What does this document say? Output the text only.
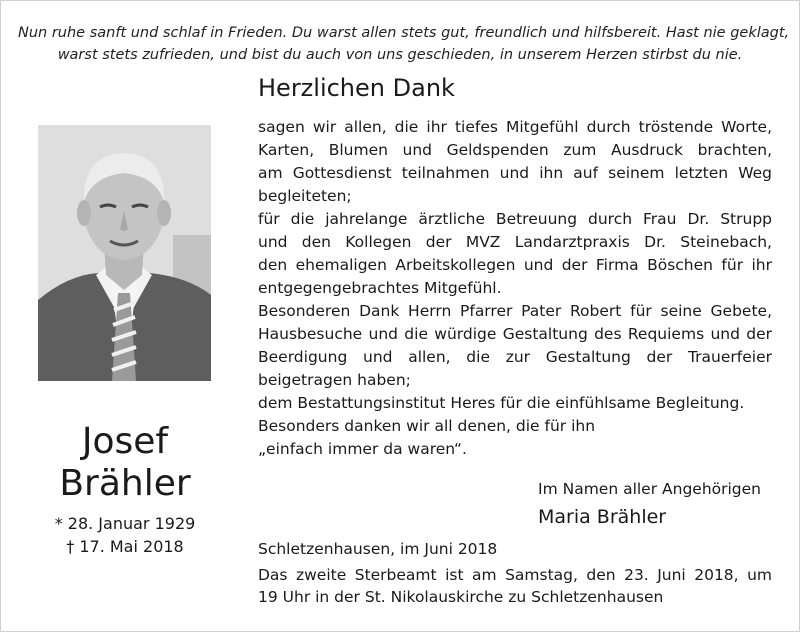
Nun ruhe sanft und schlaf in Frieden. Du warst allen stets gut, freundlich und hilfsbereit. Hast nie geklagt,
warst stets zufrieden, und bist du auch von uns geschieden, in unserem Herzen stirbst du nie.
Herzlichen Dank
Josef
Brähler
* 28. Januar 1929
† 17. Mai 2018
sagen wir allen, die ihr tiefes Mitgefühl durch tröstende Worte,
Karten, Blumen und Geldspenden zum Ausdruck brachten,
am Gottesdienst teilnahmen und ihn auf seinem letzten Weg
begleiteten;
für die jahrelange ärztliche Betreuung durch Frau Dr. Strupp
und den Kollegen der MVZ Landarztpraxis Dr. Steinebach,
den ehemaligen Arbeitskollegen und der Firma Böschen für ihr
entgegengebrachtes Mitgefühl.
Besonderen Dank Herrn Pfarrer Pater Robert für seine Gebete,
Hausbesuche und die würdige Gestaltung des Requiems und der
Beerdigung und allen, die zur Gestaltung der Trauerfeier
beigetragen haben;
dem Bestattungsinstitut Heres für die einfühlsame Begleitung.
Besonders danken wir all denen, die für ihn
„einfach immer da waren“.
Im Namen aller Angehörigen
Maria Brähler
Schletzenhausen, im Juni 2018
Das zweite Sterbeamt ist am Samstag, den 23. Juni 2018, um
19 Uhr in der St. Nikolauskirche zu Schletzenhausen
